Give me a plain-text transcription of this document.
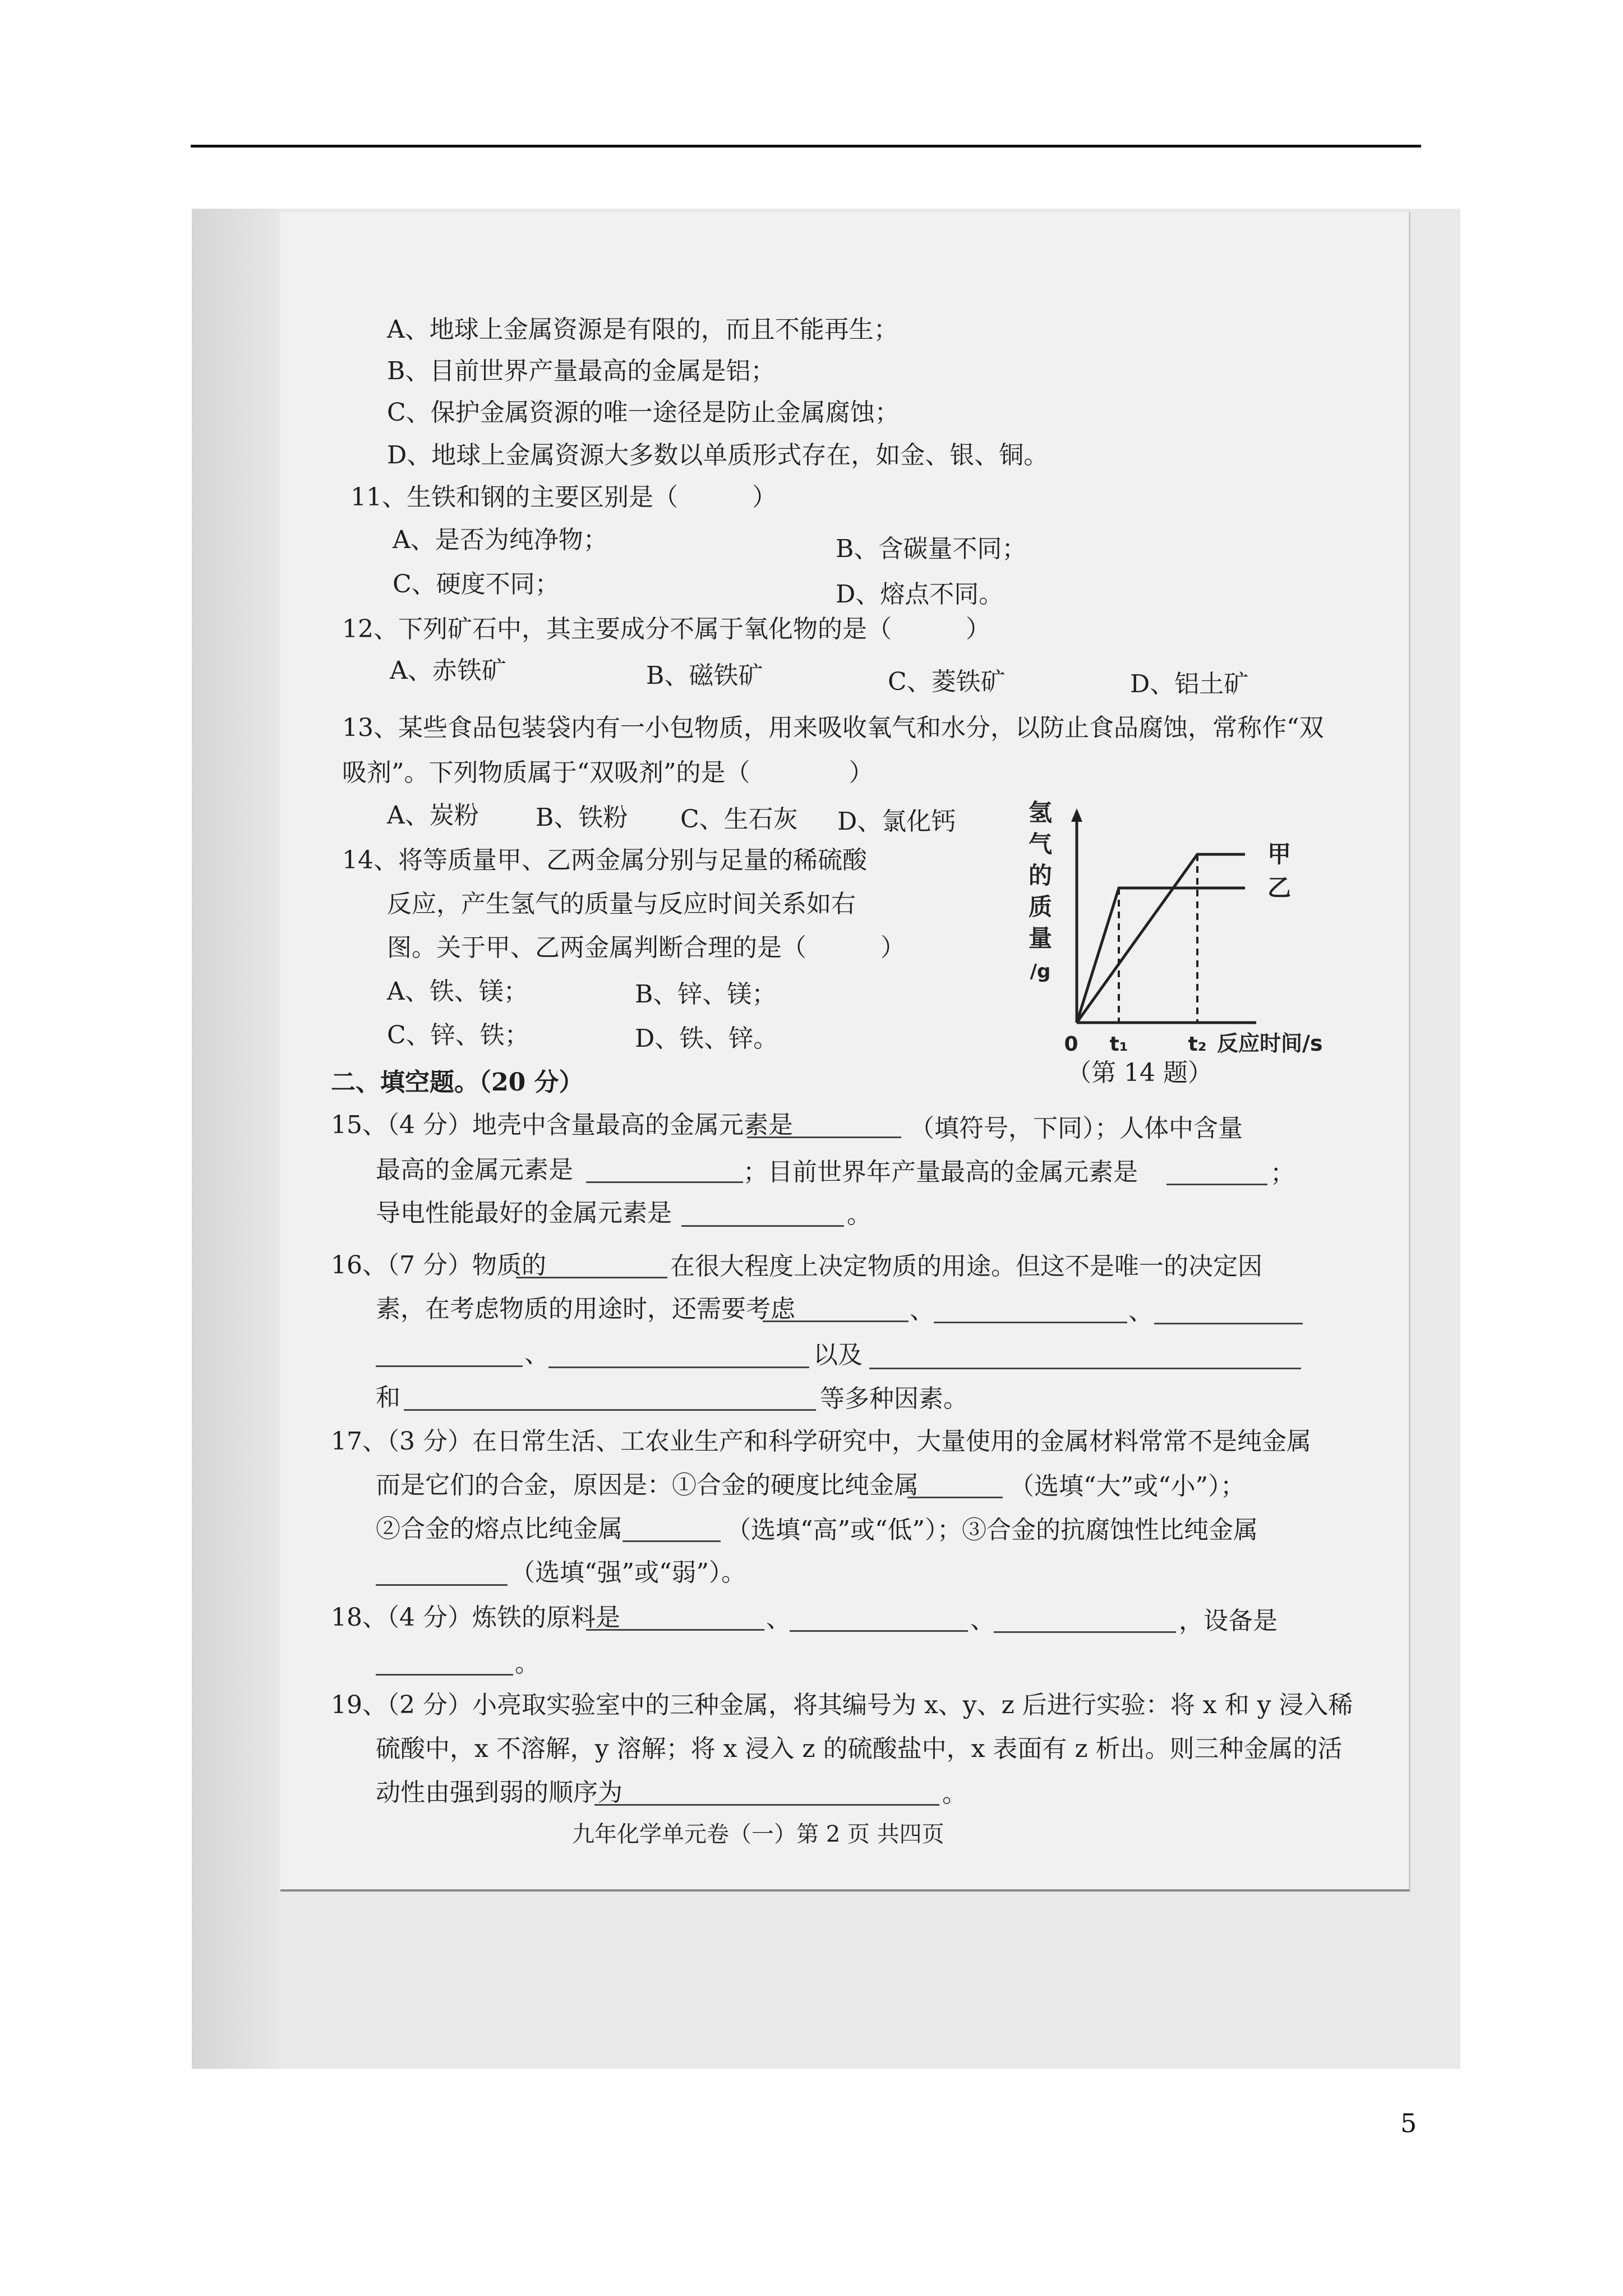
A、地球上金属资源是有限的，而且不能再生；
B、目前世界产量最高的金属是铝；
C、保护金属资源的唯一途径是防止金属腐蚀；
D、地球上金属资源大多数以单质形式存在，如金、银、铜。
11、生铁和钢的主要区别是（　　　）
A、是否为纯净物；	B、含碳量不同；
C、硬度不同；	D、熔点不同。
12、下列矿石中，其主要成分不属于氧化物的是（　　　）
A、赤铁矿	B、磁铁矿	C、菱铁矿	D、铝土矿
13、某些食品包装袋内有一小包物质，用来吸收氧气和水分，以防止食品腐蚀，常称作“双
吸剂”。下列物质属于“双吸剂”的是（　　　　）
A、炭粉 B、铁粉 C、生石灰 D、氯化钙
14、将等质量甲、乙两金属分别与足量的稀硫酸
反应，产生氢气的质量与反应时间关系如右
图。关于甲、乙两金属判断合理的是（　　　）
A、铁、镁；	B、锌、镁；
C、锌、铁；	D、铁、锌。
氢
气
的
质
量
/g
甲
乙
0 t₁	t₂ 反应时间/s
（第 14 题）
二、填空题。（20 分）
15、（4 分）地壳中含量最高的金属元素是	（填符号，下同）；人体中含量
最高的金属元素是	；目前世界年产量最高的金属元素是	；
导电性能最好的金属元素是	。
16、（7 分）物质的	在很大程度上决定物质的用途。但这不是唯一的决定因
素，在考虑物质的用途时，还需要考虑	、	、
、	以及
和	等多种因素。
17、（3 分）在日常生活、工农业生产和科学研究中，大量使用的金属材料常常不是纯金属
而是它们的合金，原因是：①合金的硬度比纯金属	（选填“大”或“小”）；
②合金的熔点比纯金属	（选填“高”或“低”）；③合金的抗腐蚀性比纯金属
（选填“强”或“弱”）。
18、（4 分）炼铁的原料是	、	、	，设备是
。
19、（2 分）小亮取实验室中的三种金属，将其编号为 x、y、z 后进行实验：将 x 和 y 浸入稀
硫酸中，x 不溶解，y 溶解；将 x 浸入 z 的硫酸盐中，x 表面有 z 析出。则三种金属的活
动性由强到弱的顺序为	。
九年化学单元卷（一）第 2 页 共四页
5
